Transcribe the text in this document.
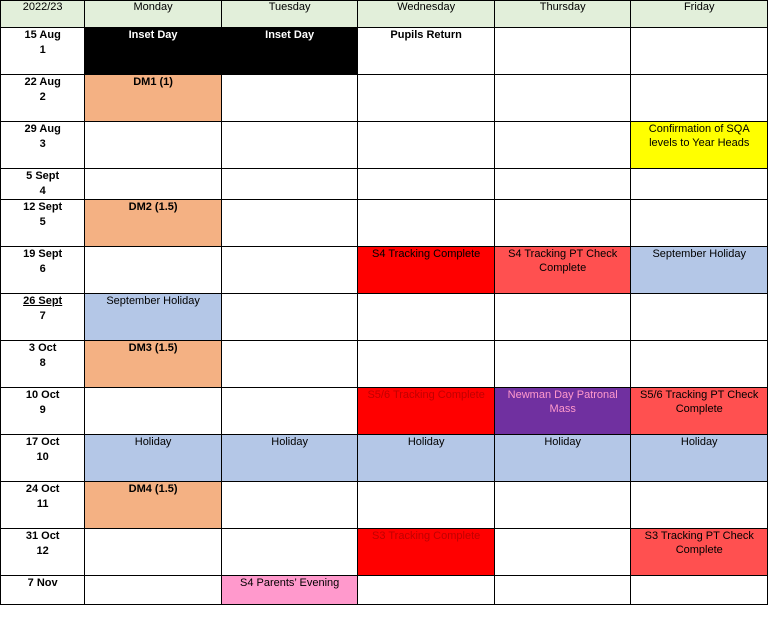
2022/23	Monday	Tuesday	Wednesday	Thursday	Friday

15 Aug
1	Inset Day	Inset Day	Pupils Return		

22 Aug
2	DM1 (1)				

29 Aug
3					Confirmation of SQA levels to Year Heads

5 Sept
4					

12 Sept
5	DM2 (1.5)				

19 Sept
6			S4 Tracking Complete	S4 Tracking PT Check Complete	September Holiday

26 Sept
7	September Holiday				

3 Oct
8	DM3 (1.5)				

10 Oct
9			S5/6 Tracking Complete	Newman Day Patronal Mass	S5/6 Tracking PT Check Complete

17 Oct
10	Holiday	Holiday	Holiday	Holiday	Holiday

24 Oct
11	DM4 (1.5)				

31 Oct
12			S3 Tracking Complete		S3 Tracking PT Check Complete

7 Nov		S4 Parents’ Evening			
